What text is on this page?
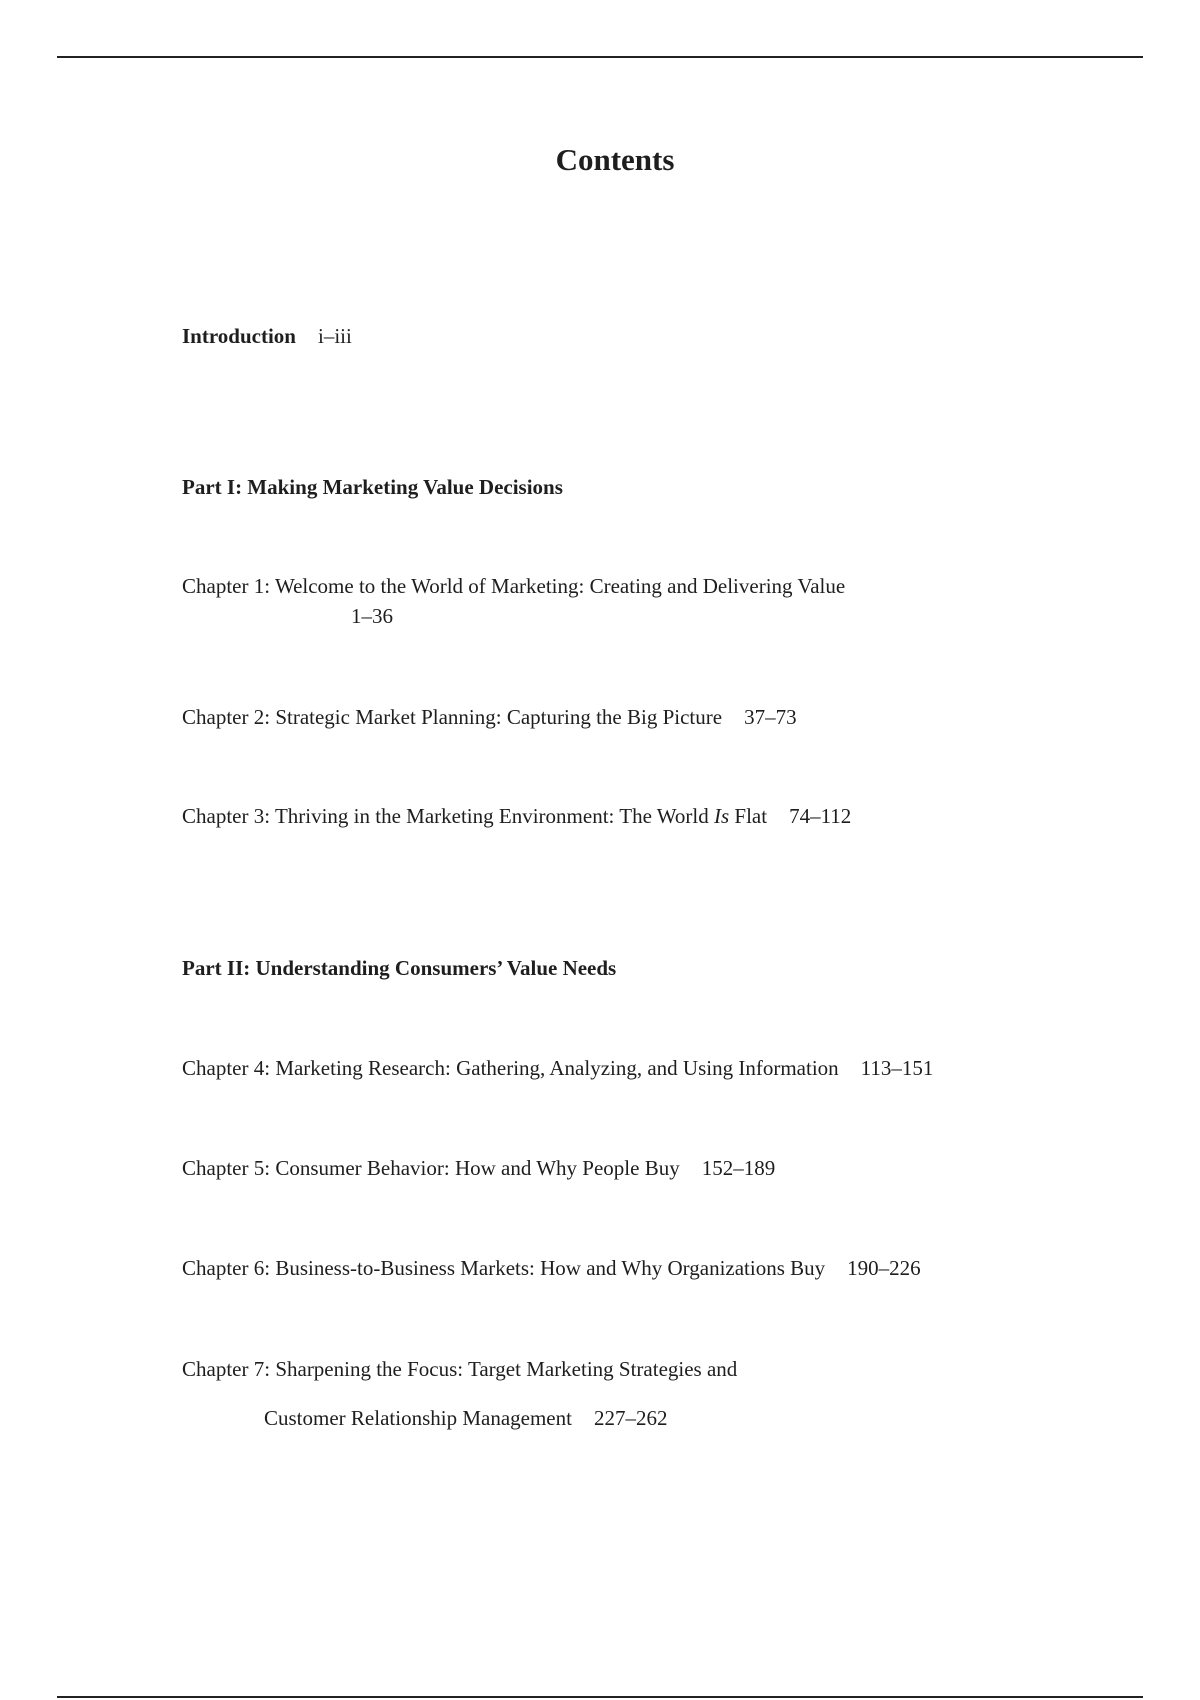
Contents
Introduction i–iii
Part I: Making Marketing Value Decisions
Chapter 1: Welcome to the World of Marketing: Creating and Delivering Value
1–36
Chapter 2: Strategic Market Planning: Capturing the Big Picture 37–73
Chapter 3: Thriving in the Marketing Environment: The World Is Flat 74–112
Part II: Understanding Consumers’ Value Needs
Chapter 4: Marketing Research: Gathering, Analyzing, and Using Information 113–151
Chapter 5: Consumer Behavior: How and Why People Buy 152–189
Chapter 6: Business-to-Business Markets: How and Why Organizations Buy 190–226
Chapter 7: Sharpening the Focus: Target Marketing Strategies and
Customer Relationship Management 227–262
